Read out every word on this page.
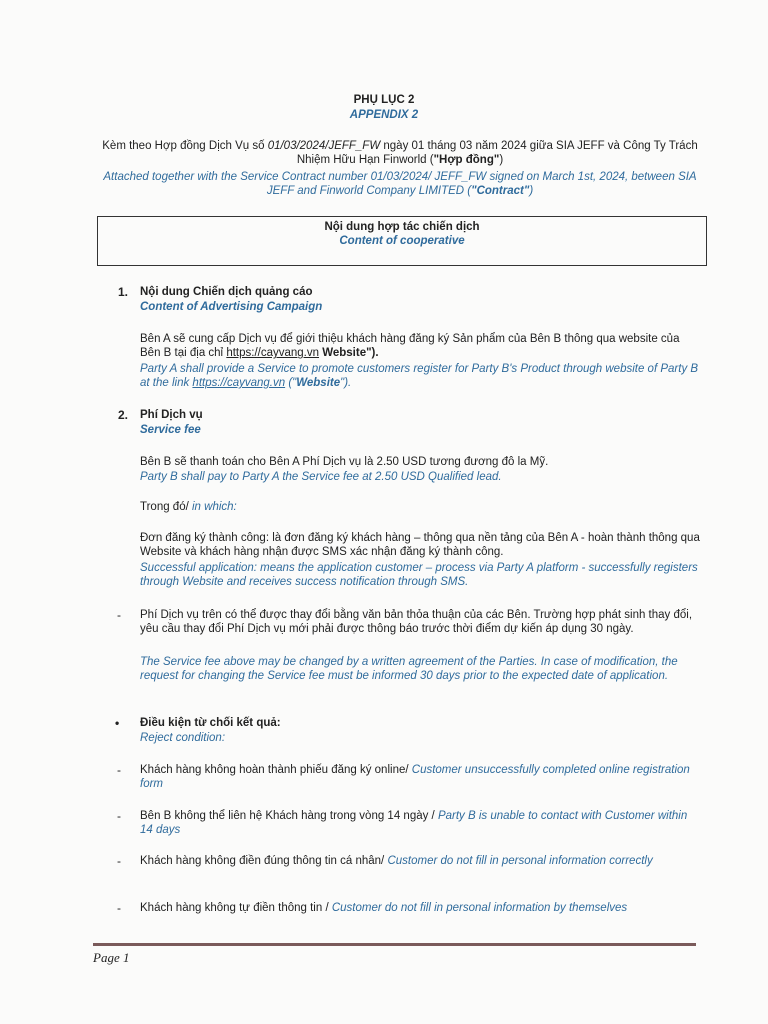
PHỤ LỤC 2
APPENDIX 2
Kèm theo Hợp đồng Dịch Vụ số 01/03/2024/JEFF_FW ngày 01 tháng 03 năm 2024 giữa SIA JEFF và Công Ty Trách Nhiệm Hữu Hạn Finworld ("Hợp đồng")
Attached together with the Service Contract number 01/03/2024/ JEFF_FW signed on March 1st, 2024, between SIA JEFF and Finworld Company LIMITED ("Contract")
Nội dung hợp tác chiến dịch
Content of cooperative
1. Nội dung Chiến dịch quảng cáo
Content of Advertising Campaign
Bên A sẽ cung cấp Dịch vụ để giới thiệu khách hàng đăng ký Sản phẩm của Bên B thông qua website của Bên B tại địa chỉ https://cayvang.vn Website").
Party A shall provide a Service to promote customers register for Party B's Product through website of Party B at the link https://cayvang.vn ("Website").
2. Phí Dịch vụ
Service fee
Bên B sẽ thanh toán cho Bên A Phí Dịch vụ là 2.50 USD tương đương đô la Mỹ.
Party B shall pay to Party A the Service fee at 2.50 USD Qualified lead.
Trong đó/ in which:
Đơn đăng ký thành công: là đơn đăng ký khách hàng – thông qua nền tảng của Bên A - hoàn thành thông qua Website và khách hàng nhận được SMS xác nhận đăng ký thành công.
Successful application: means the application customer – process via Party A platform - successfully registers through Website and receives success notification through SMS.
- Phí Dịch vụ trên có thể được thay đổi bằng văn bản thỏa thuận của các Bên. Trường hợp phát sinh thay đổi, yêu cầu thay đổi Phí Dịch vụ mới phải được thông báo trước thời điểm dự kiến áp dụng 30 ngày.
The Service fee above may be changed by a written agreement of the Parties. In case of modification, the request for changing the Service fee must be informed 30 days prior to the expected date of application.
• Điều kiện từ chối kết quả:
Reject condition:
- Khách hàng không hoàn thành phiếu đăng ký online/ Customer unsuccessfully completed online registration form
- Bên B không thể liên hệ Khách hàng trong vòng 14 ngày / Party B is unable to contact with Customer within 14 days
- Khách hàng không điền đúng thông tin cá nhân/ Customer do not fill in personal information correctly
- Khách hàng không tự điền thông tin / Customer do not fill in personal information by themselves
Page 1
